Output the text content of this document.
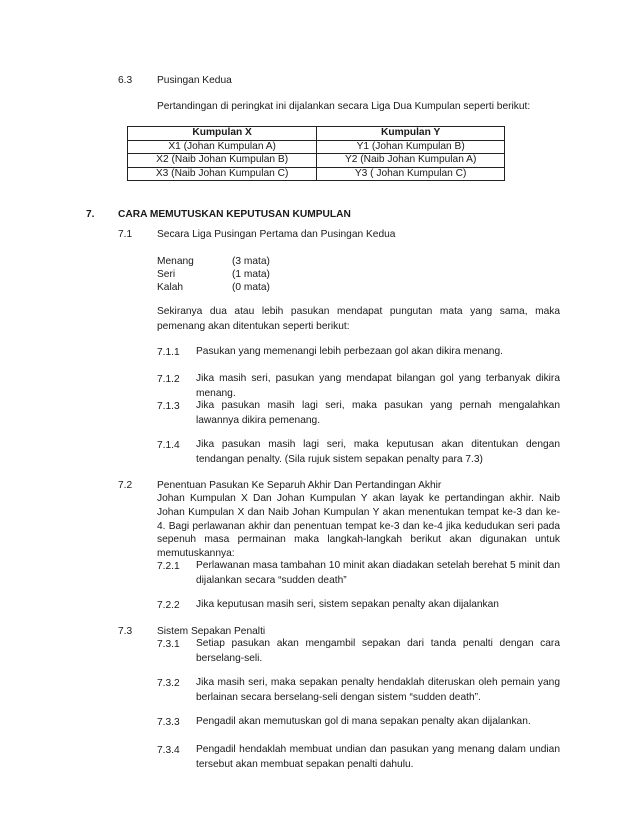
6.3 Pusingan Kedua
Pertandingan di peringkat ini dijalankan secara Liga Dua Kumpulan seperti berikut:
Kumpulan X	Kumpulan Y
X1 (Johan Kumpulan A)	Y1 (Johan Kumpulan B)
X2 (Naib Johan Kumpulan B)	Y2 (Naib Johan Kumpulan A)
X3 (Naib Johan Kumpulan C)	Y3 ( Johan Kumpulan C)
7. CARA MEMUTUSKAN KEPUTUSAN KUMPULAN
7.1 Secara Liga Pusingan Pertama dan Pusingan Kedua
Menang	(3 mata)
Seri	(1 mata)
Kalah	(0 mata)
Sekiranya dua atau lebih pasukan mendapat pungutan mata yang sama, maka pemenang akan ditentukan seperti berikut:
7.1.1 Pasukan yang memenangi lebih perbezaan gol akan dikira menang.
7.1.2 Jika masih seri, pasukan yang mendapat bilangan gol yang terbanyak dikira menang.
7.1.3 Jika pasukan masih lagi seri, maka pasukan yang pernah mengalahkan lawannya dikira pemenang.
7.1.4 Jika pasukan masih lagi seri, maka keputusan akan ditentukan dengan tendangan penalty. (Sila rujuk sistem sepakan penalty para 7.3)
7.2 Penentuan Pasukan Ke Separuh Akhir Dan Pertandingan Akhir
Johan Kumpulan X Dan Johan Kumpulan Y akan layak ke pertandingan akhir. Naib Johan Kumpulan X dan Naib Johan Kumpulan Y akan menentukan tempat ke-3 dan ke-4. Bagi perlawanan akhir dan penentuan tempat ke-3 dan ke-4 jika kedudukan seri pada sepenuh masa permainan maka langkah-langkah berikut akan digunakan untuk memutuskannya:
7.2.1 Perlawanan masa tambahan 10 minit akan diadakan setelah berehat 5 minit dan dijalankan secara “sudden death”
7.2.2 Jika keputusan masih seri, sistem sepakan penalty akan dijalankan
7.3 Sistem Sepakan Penalti
7.3.1 Setiap pasukan akan mengambil sepakan dari tanda penalti dengan cara berselang-seli.
7.3.2 Jika masih seri, maka sepakan penalty hendaklah diteruskan oleh pemain yang berlainan secara berselang-seli dengan sistem “sudden death”.
7.3.3 Pengadil akan memutuskan gol di mana sepakan penalty akan dijalankan.
7.3.4 Pengadil hendaklah membuat undian dan pasukan yang menang dalam undian tersebut akan membuat sepakan penalti dahulu.
